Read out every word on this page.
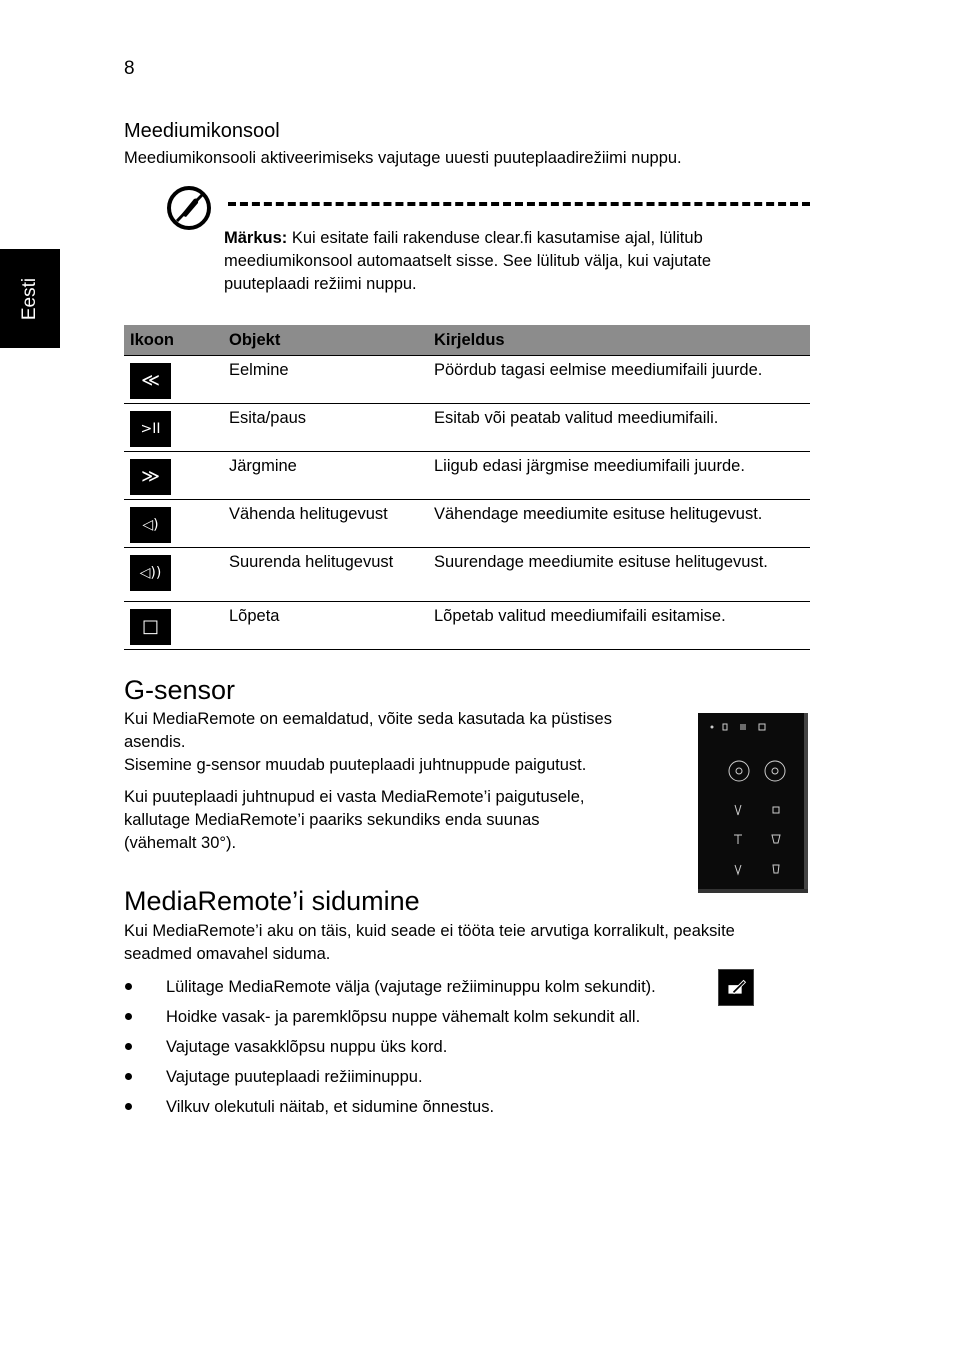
8
Eesti
Meediumikonsool
Meediumikonsooli aktiveerimiseks vajutage uuesti puuteplaadirežiimi nuppu.
Märkus: Kui esitate faili rakenduse clear.fi kasutamise ajal, lülitub
meediumikonsool automaatselt sisse. See lülitub välja, kui vajutate
puuteplaadi režiimi nuppu.
Ikoon	Objekt	Kirjeldus

≪	Eelmine	Pöördub tagasi eelmise meediumifaili juurde.

>II	Esita/paus	Esitab või peatab valitud meediumifaili.

≫	Järgmine	Liigub edasi järgmise meediumifaili juurde.

◁)	Vähenda helitugevust	Vähendage meediumite esituse helitugevust.

◁))	Suurenda helitugevust	Suurendage meediumite esituse helitugevust.

□	Lõpeta	Lõpetab valitud meediumifaili esitamise.
G-sensor
Kui MediaRemote on eemaldatud, võite seda kasutada ka püstises
asendis.
Sisemine g-sensor muudab puuteplaadi juhtnuppude paigutust.
Kui puuteplaadi juhtnupud ei vasta MediaRemote’i paigutusele,
kallutage MediaRemote’i paariks sekundiks enda suunas
(vähemalt 30°).
MediaRemote’i sidumine
Kui MediaRemote’i aku on täis, kuid seade ei tööta teie arvutiga korralikult, peaksite
seadmed omavahel siduma.
Lülitage MediaRemote välja (vajutage režiiminuppu kolm sekundit).
Hoidke vasak- ja paremklõpsu nuppe vähemalt kolm sekundit all.
Vajutage vasakklõpsu nuppu üks kord.
Vajutage puuteplaadi režiiminuppu.
Vilkuv olekutuli näitab, et sidumine õnnestus.
